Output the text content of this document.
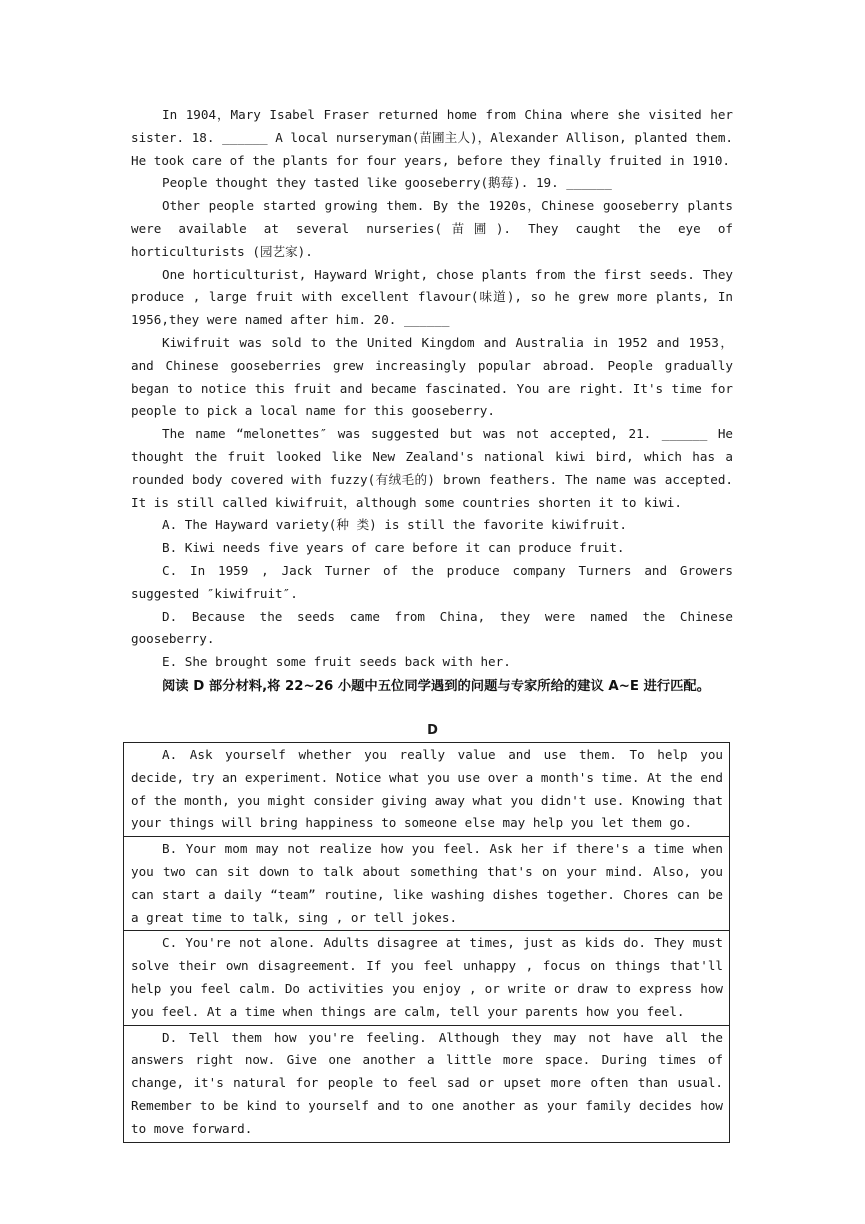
In 1904，Mary Isabel Fraser returned home from China where she visited her sister. 18. ______ A local nurseryman(苗圃主人)，Alexander Allison, planted them. He took care of the plants for four years, before they finally fruited in 1910.

People thought they tasted like gooseberry(鹅莓). 19. ______

Other people started growing them. By the 1920s，Chinese gooseberry plants were available at several nurseries(苗圃). They caught the eye of horticulturists (园艺家).

One horticulturist, Hayward Wright, chose plants from the first seeds. They produce , large fruit with excellent flavour(味道), so he grew more plants, In 1956,they were named after him. 20. ______

Kiwifruit was sold to the United Kingdom and Australia in 1952 and 1953，and Chinese gooseberries grew increasingly popular abroad. People gradually began to notice this fruit and became fascinated. You are right. It's time for people to pick a local name for this gooseberry.

The name “melonettes″ was suggested but was not accepted, 21. ______ He thought the fruit looked like New Zealand's national kiwi bird, which has a rounded body covered with fuzzy(有绒毛的) brown feathers. The name was accepted. It is still called kiwifruit，although some countries shorten it to kiwi.

A. The Hayward variety(种 类) is still the favorite kiwifruit.

B. Kiwi needs five years of care before it can produce fruit.

C. In 1959 , Jack Turner of the produce company Turners and Growers suggested ″kiwifruit″.

D. Because the seeds came from China, they were named the Chinese gooseberry.

E. She brought some fruit seeds back with her.

阅读 D 部分材料,将 22~26 小题中五位同学遇到的问题与专家所给的建议 A~E 进行匹配。

D

A. Ask yourself whether you really value and use them. To help you decide, try an experiment. Notice what you use over a month's time. At the end of the month, you might consider giving away what you didn't use. Knowing that your things will bring happiness to someone else may help you let them go.

B. Your mom may not realize how you feel. Ask her if there's a time when you two can sit down to talk about something that's on your mind. Also, you can start a daily “team” routine, like washing dishes together. Chores can be a great time to talk, sing , or tell jokes.

C. You're not alone. Adults disagree at times, just as kids do. They must solve their own disagreement. If you feel unhappy , focus on things that'll help you feel calm. Do activities you enjoy , or write or draw to express how you feel. At a time when things are calm, tell your parents how you feel.

D. Tell them how you're feeling. Although they may not have all the answers right now. Give one another a little more space. During times of change, it's natural for people to feel sad or upset more often than usual. Remember to be kind to yourself and to one another as your family decides how to move forward.
